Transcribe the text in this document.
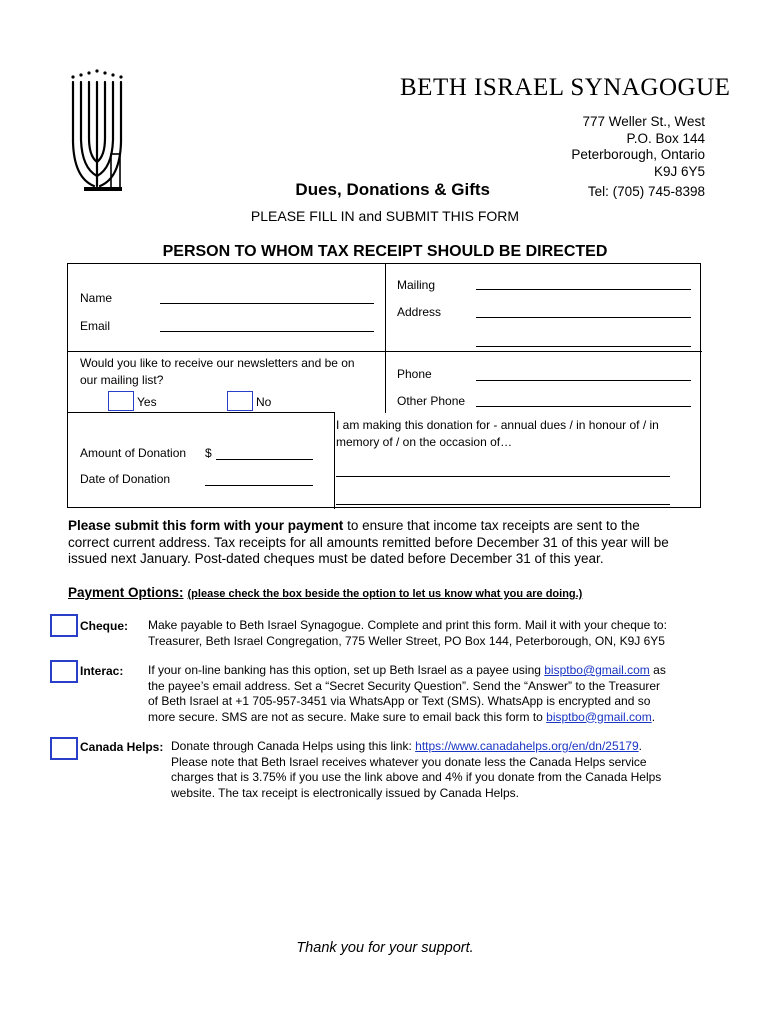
BETH ISRAEL SYNAGOGUE
777 Weller St., West
P.O. Box 144
Peterborough, Ontario
K9J 6Y5
Tel: (705) 745-8398
Dues, Donations & Gifts
PLEASE FILL IN and SUBMIT THIS FORM
PERSON TO WHOM TAX RECEIPT SHOULD BE DIRECTED
Name
Email
Mailing
Address
Would you like to receive our newsletters and be on
our mailing list?
Yes	No
Phone
Other Phone
Amount of Donation $
Date of Donation
I am making this donation for - annual dues / in honour of / in
memory of / on the occasion of…
Please submit this form with your payment to ensure that income tax receipts are sent to the
correct current address. Tax receipts for all amounts remitted before December 31 of this year will be
issued next January. Post-dated cheques must be dated before December 31 of this year.
Payment Options: (please check the box beside the option to let us know what you are doing.)
Cheque: Make payable to Beth Israel Synagogue. Complete and print this form. Mail it with your cheque to:
Treasurer, Beth Israel Congregation, 775 Weller Street, PO Box 144, Peterborough, ON, K9J 6Y5
Interac: If your on-line banking has this option, set up Beth Israel as a payee using bisptbo@gmail.com as
the payee’s email address. Set a “Secret Security Question”. Send the “Answer” to the Treasurer
of Beth Israel at +1 705-957-3451 via WhatsApp or Text (SMS). WhatsApp is encrypted and so
more secure. SMS are not as secure. Make sure to email back this form to bisptbo@gmail.com.
Canada Helps: Donate through Canada Helps using this link: https://www.canadahelps.org/en/dn/25179.
Please note that Beth Israel receives whatever you donate less the Canada Helps service
charges that is 3.75% if you use the link above and 4% if you donate from the Canada Helps
website. The tax receipt is electronically issued by Canada Helps.
Thank you for your support.
